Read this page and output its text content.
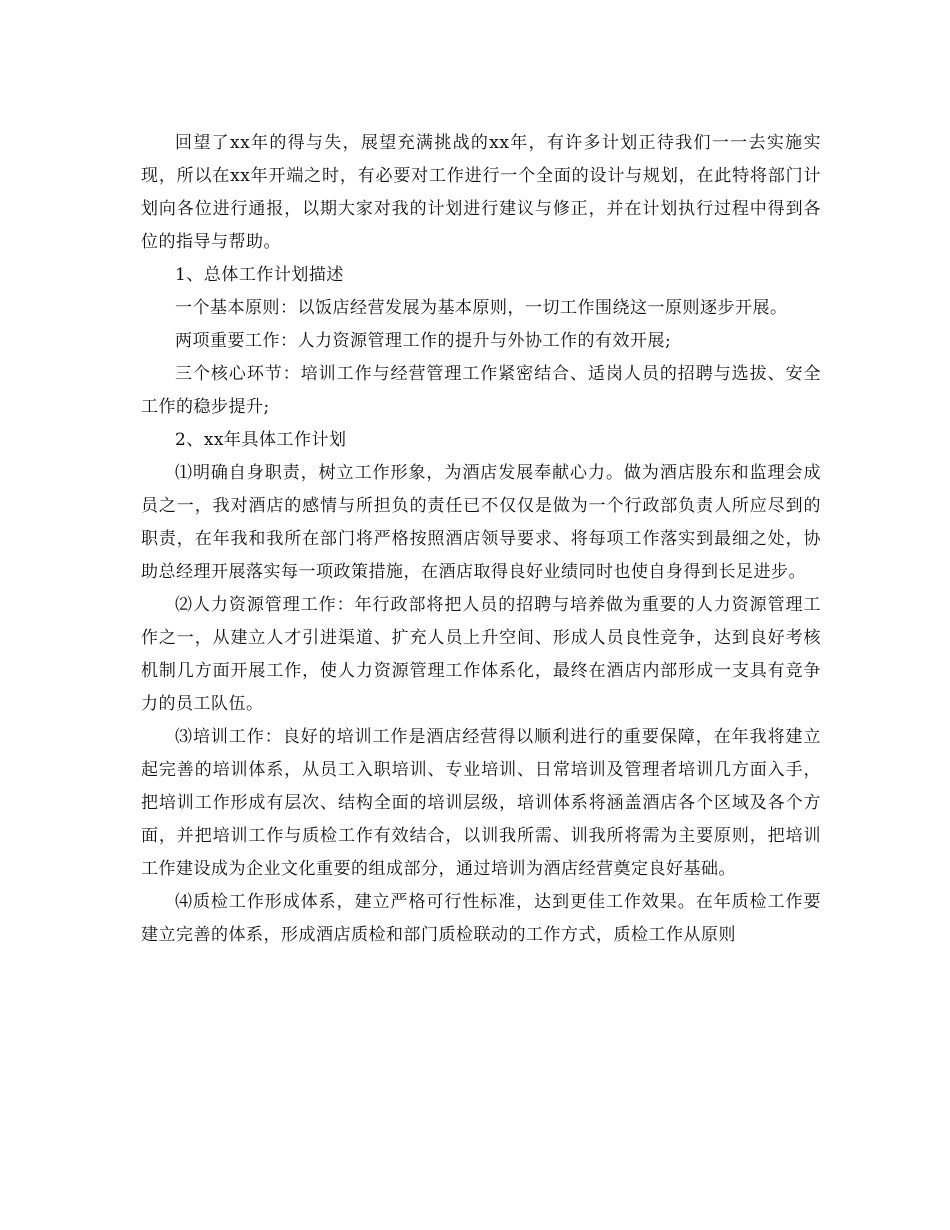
回望了xx年的得与失，展望充满挑战的xx年，有许多计划正待我们一一去实施实现，所以在xx年开端之时，有必要对工作进行一个全面的设计与规划，在此特将部门计划向各位进行通报，以期大家对我的计划进行建议与修正，并在计划执行过程中得到各位的指导与帮助。

1、总体工作计划描述

一个基本原则：以饭店经营发展为基本原则，一切工作围绕这一原则逐步开展。

两项重要工作：人力资源管理工作的提升与外协工作的有效开展;

三个核心环节：培训工作与经营管理工作紧密结合、适岗人员的招聘与选拔、安全工作的稳步提升;

2、xx年具体工作计划

⑴明确自身职责，树立工作形象，为酒店发展奉献心力。做为酒店股东和监理会成员之一，我对酒店的感情与所担负的责任已不仅仅是做为一个行政部负责人所应尽到的职责，在年我和我所在部门将严格按照酒店领导要求、将每项工作落实到最细之处，协助总经理开展落实每一项政策措施，在酒店取得良好业绩同时也使自身得到长足进步。

⑵人力资源管理工作：年行政部将把人员的招聘与培养做为重要的人力资源管理工作之一，从建立人才引进渠道、扩充人员上升空间、形成人员良性竞争，达到良好考核机制几方面开展工作，使人力资源管理工作体系化，最终在酒店内部形成一支具有竞争力的员工队伍。

⑶培训工作：良好的培训工作是酒店经营得以顺利进行的重要保障，在年我将建立起完善的培训体系，从员工入职培训、专业培训、日常培训及管理者培训几方面入手，把培训工作形成有层次、结构全面的培训层级，培训体系将涵盖酒店各个区域及各个方面，并把培训工作与质检工作有效结合，以训我所需、训我所将需为主要原则，把培训工作建设成为企业文化重要的组成部分，通过培训为酒店经营奠定良好基础。

⑷质检工作形成体系，建立严格可行性标准，达到更佳工作效果。在年质检工作要建立完善的体系，形成酒店质检和部门质检联动的工作方式，质检工作从原则
